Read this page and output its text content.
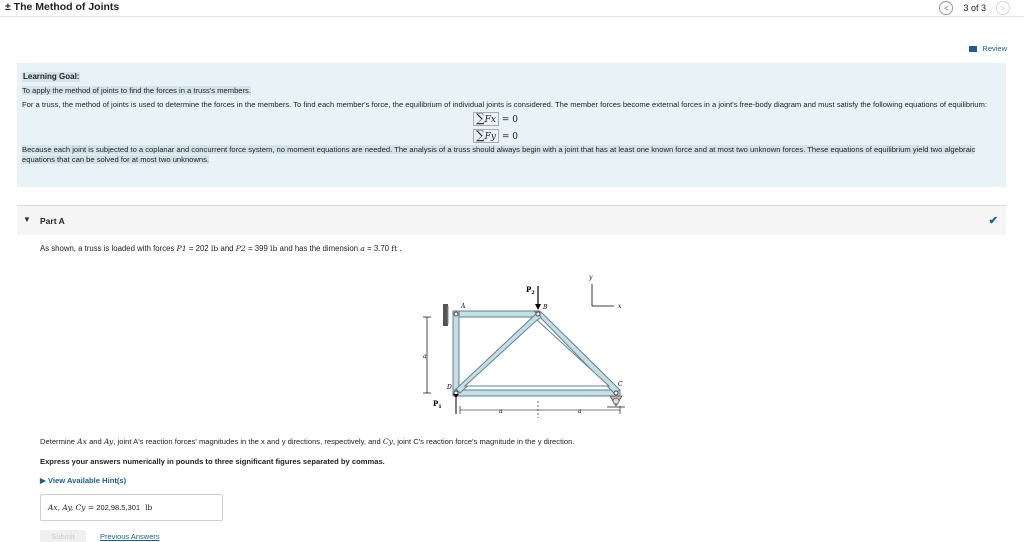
± The Method of Joints	< 3 of 3 >
Review
Learning Goal:
To apply the method of joints to find the forces in a truss's members.
For a truss, the method of joints is used to determine the forces in the members. To find each member's force, the equilibrium of individual joints is considered. The member forces become external forces in a joint's free-body diagram and must satisfy the following equations of equilibrium:
∑Fx = 0
∑Fy = 0
Because each joint is subjected to a coplanar and concurrent force system, no moment equations are needed. The analysis of a truss should always begin with a joint that has at least one known force and at most two unknown forces. These equations of equilibrium yield two algebraic equations that can be solved for at most two unknowns.
▼ Part A	✔
As shown, a truss is loaded with forces P1 = 202 lb and P2 = 399 lb and has the dimension a = 3.70 ft .
A	B
C
D
a
a	a
x
y
$P_2$
$P_1$
Determine Ax and Ay, joint A's reaction forces' magnitudes in the x and y directions, respectively, and Cy, joint C's reaction force's magnitude in the y direction.
Express your answers numerically in pounds to three significant figures separated by commas.
▶ View Available Hint(s)
Ax, Ay, Cy =
202,98.5,301 lb
Submit	Previous Answers
